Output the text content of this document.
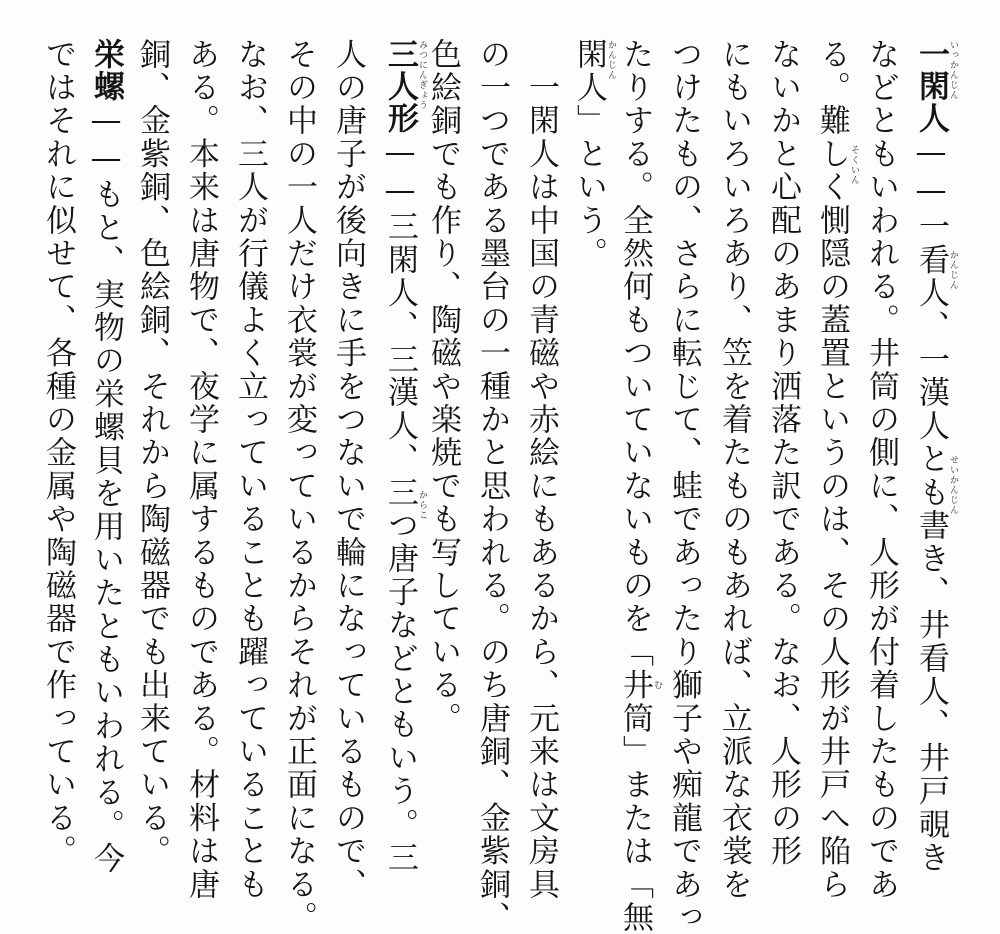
一閑人——一看人、一漢人とも書き、井看人、井戸覗き
などともいわれる。井筒の側に、人形が付着したものであ
る。難しく惻隠の蓋置というのは、その人形が井戸へ陥ら
ないかと心配のあまり洒落た訳である。なお、人形の形
にもいろいろあり、笠を着たものもあれば、立派な衣裳を
つけたもの、さらに転じて、蛙であったり獅子や痴龍であっ
たりする。全然何もついていないものを「井筒」または「無
閑人」という。
　一閑人は中国の青磁や赤絵にもあるから、元来は文房具
の一つである墨台の一種かと思われる。のち唐銅、金紫銅、
色絵銅でも作り、陶磁や楽焼でも写している。
三人形——三閑人、三漢人、三つ唐子などともいう。三
人の唐子が後向きに手をつないで輪になっているもので、
その中の一人だけ衣裳が変っているからそれが正面になる。
なお、三人が行儀よく立っていることも躍っていることも
ある。本来は唐物で、夜学に属するものである。材料は唐
銅、金紫銅、色絵銅、それから陶磁器でも出来ている。
栄螺——もと、実物の栄螺貝を用いたともいわれる。今
ではそれに似せて、各種の金属や陶磁器で作っている。	いっかんじん
かんじん
せいかんじん
そくいん
む
かんじん
みつにんぎょう
からこ
